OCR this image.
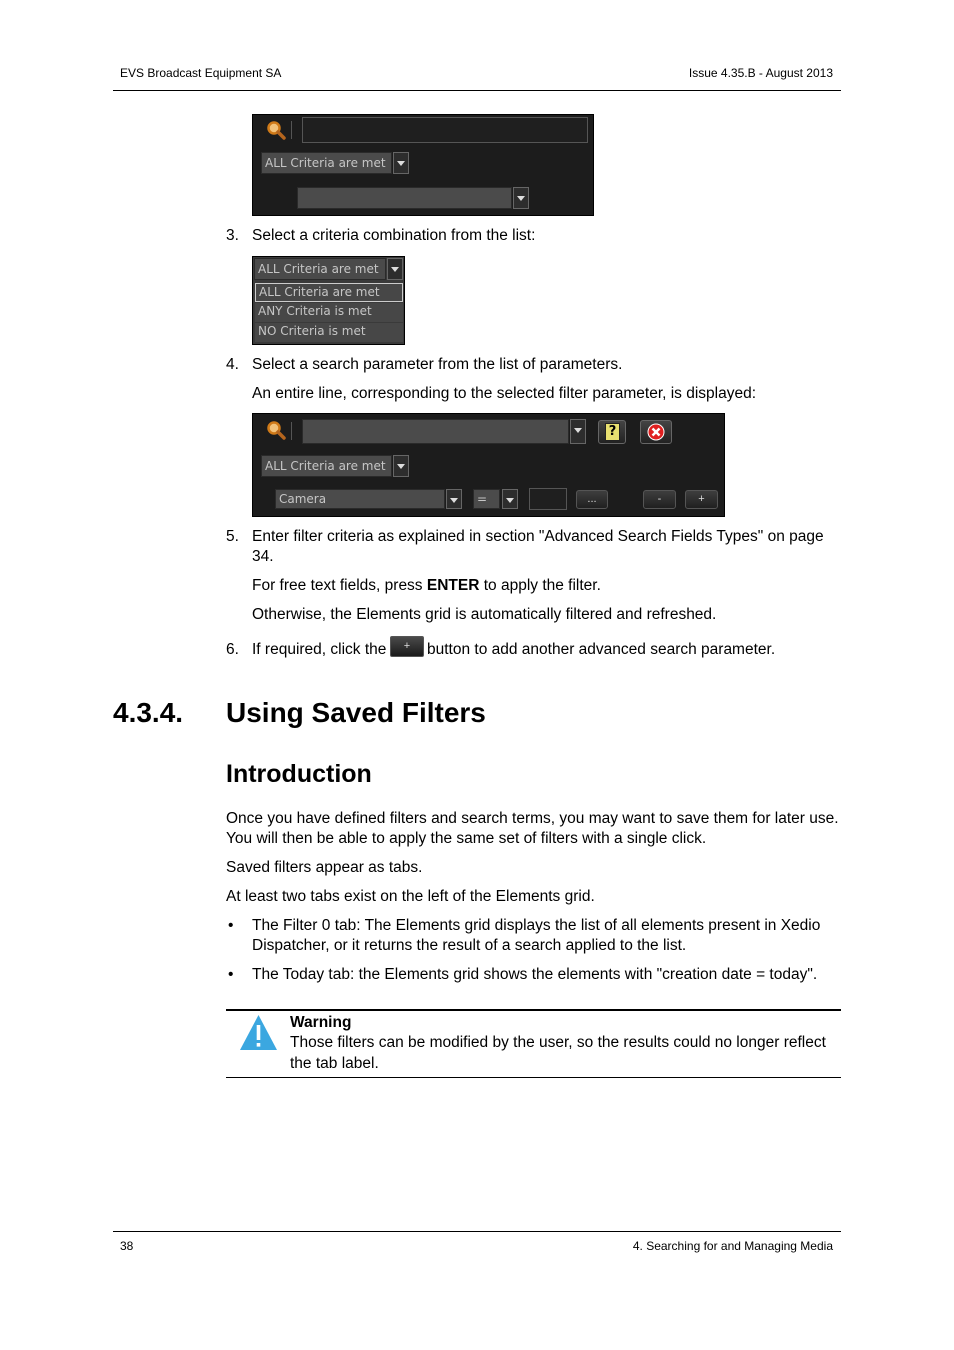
EVS Broadcast Equipment SA	Issue 4.35.B - August 2013
ALL Criteria are met
3. Select a criteria combination from the list:
ALL Criteria are met
ALL Criteria are met
ANY Criteria is met
NO Criteria is met
4. Select a search parameter from the list of parameters.
An entire line, corresponding to the selected filter parameter, is displayed:
?
ALL Criteria are met
Camera	=	...	-	+
5. Enter filter criteria as explained in section "Advanced Search Fields Types" on page 34.
For free text fields, press ENTER to apply the filter.
Otherwise, the Elements grid is automatically filtered and refreshed.
6. If required, click the	+	button to add another advanced search parameter.
4.3.4. Using Saved Filters
Introduction
Once you have defined filters and search terms, you may want to save them for later use. You will then be able to apply the same set of filters with a single click.
Saved filters appear as tabs.
At least two tabs exist on the left of the Elements grid.
• The Filter 0 tab: The Elements grid displays the list of all elements present in Xedio Dispatcher, or it returns the result of a search applied to the list.
• The Today tab: the Elements grid shows the elements with "creation date = today".
Warning
Those filters can be modified by the user, so the results could no longer reflect the tab label.
38	4. Searching for and Managing Media
